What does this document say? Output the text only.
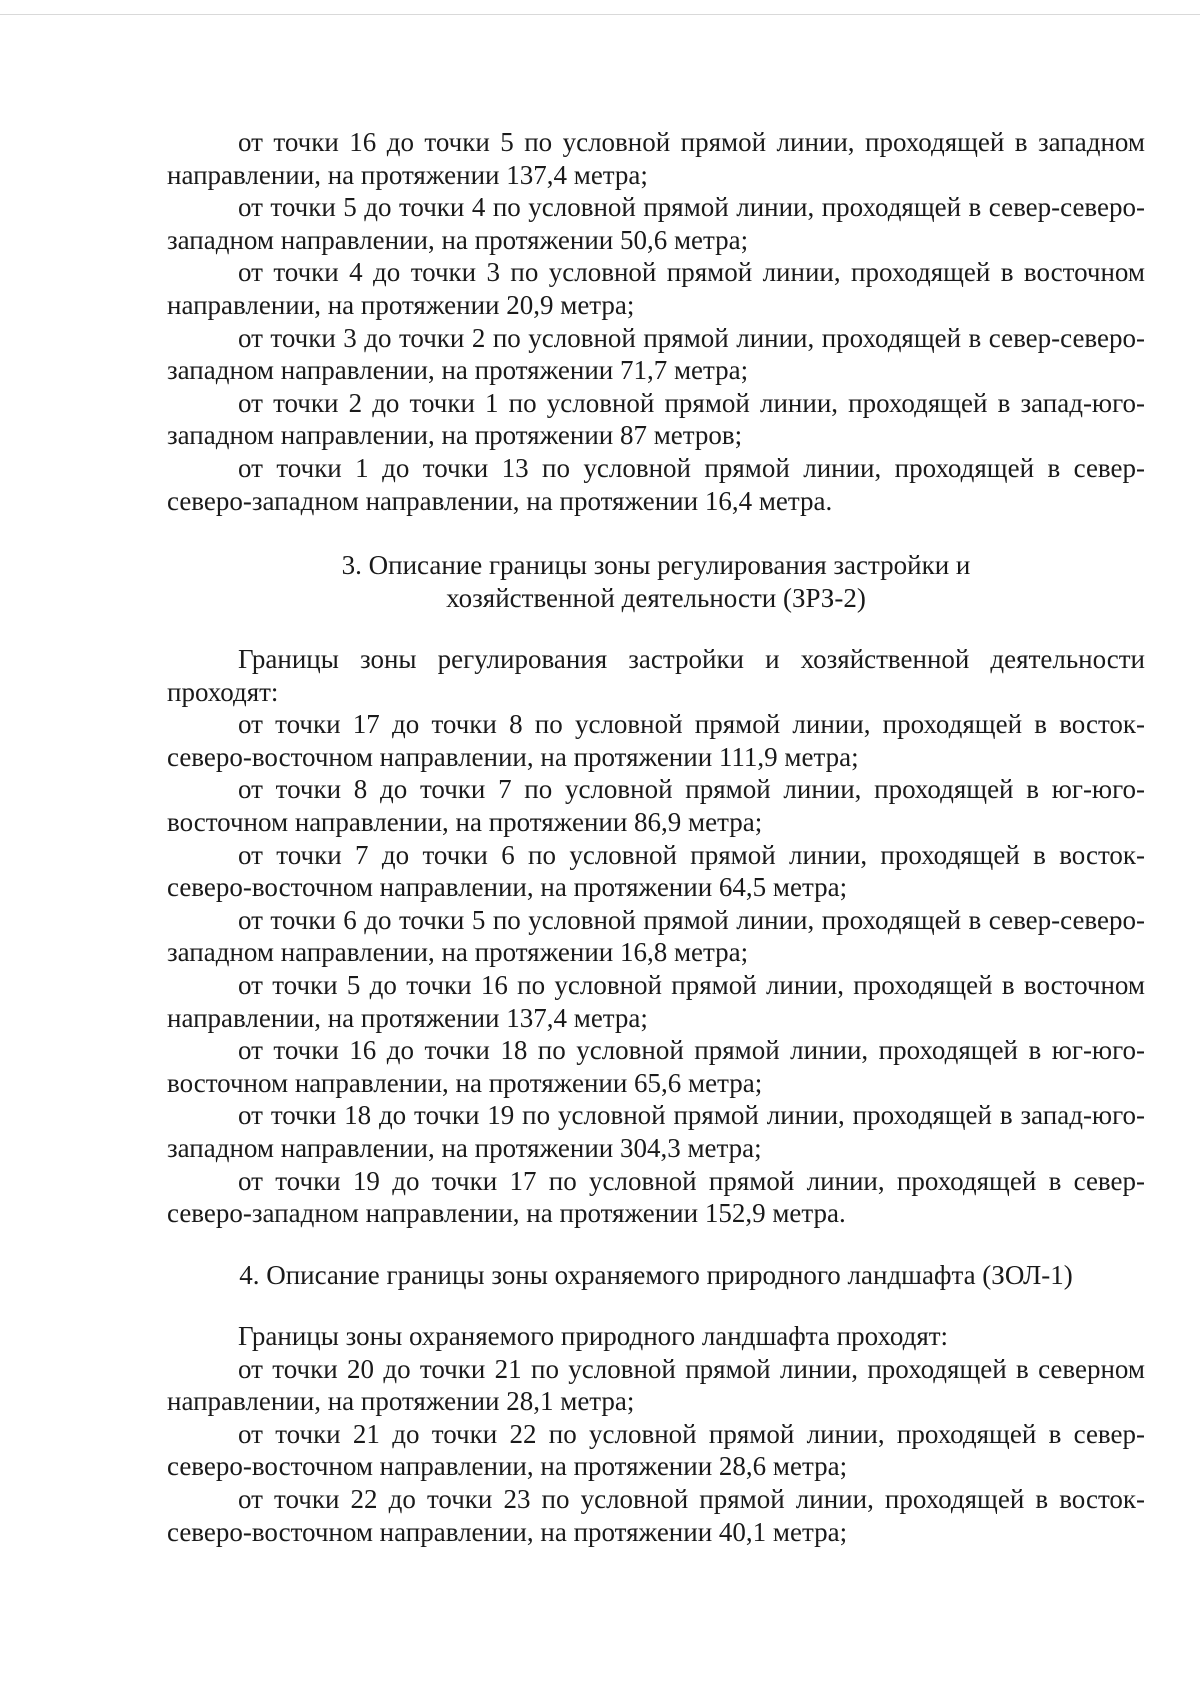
от точки 16 до точки 5 по условной прямой линии, проходящей в западном направлении, на протяжении 137,4 метра;

от точки 5 до точки 4 по условной прямой линии, проходящей в север-северо-западном направлении, на протяжении 50,6 метра;

от точки 4 до точки 3 по условной прямой линии, проходящей в восточном направлении, на протяжении 20,9 метра;

от точки 3 до точки 2 по условной прямой линии, проходящей в север-северо-западном направлении, на протяжении 71,7 метра;

от точки 2 до точки 1 по условной прямой линии, проходящей в запад-юго-западном направлении, на протяжении 87 метров;

от точки 1 до точки 13 по условной прямой линии, проходящей в север-северо-западном направлении, на протяжении 16,4 метра.

3. Описание границы зоны регулирования застройки и

хозяйственной деятельности (ЗРЗ-2)

Границы зоны регулирования застройки и хозяйственной деятельности проходят:

от точки 17 до точки 8 по условной прямой линии, проходящей в восток-северо-восточном направлении, на протяжении 111,9 метра;

от точки 8 до точки 7 по условной прямой линии, проходящей в юг-юго-восточном направлении, на протяжении 86,9 метра;

от точки 7 до точки 6 по условной прямой линии, проходящей в восток-северо-восточном направлении, на протяжении 64,5 метра;

от точки 6 до точки 5 по условной прямой линии, проходящей в север-северо-западном направлении, на протяжении 16,8 метра;

от точки 5 до точки 16 по условной прямой линии, проходящей в восточном направлении, на протяжении 137,4 метра;

от точки 16 до точки 18 по условной прямой линии, проходящей в юг-юго-восточном направлении, на протяжении 65,6 метра;

от точки 18 до точки 19 по условной прямой линии, проходящей в запад-юго-западном направлении, на протяжении 304,3 метра;

от точки 19 до точки 17 по условной прямой линии, проходящей в север-северо-западном направлении, на протяжении 152,9 метра.

4. Описание границы зоны охраняемого природного ландшафта (ЗОЛ-1)

Границы зоны охраняемого природного ландшафта проходят:

от точки 20 до точки 21 по условной прямой линии, проходящей в северном направлении, на протяжении 28,1 метра;

от точки 21 до точки 22 по условной прямой линии, проходящей в север-северо-восточном направлении, на протяжении 28,6 метра;

от точки 22 до точки 23 по условной прямой линии, проходящей в восток-северо-восточном направлении, на протяжении 40,1 метра;
